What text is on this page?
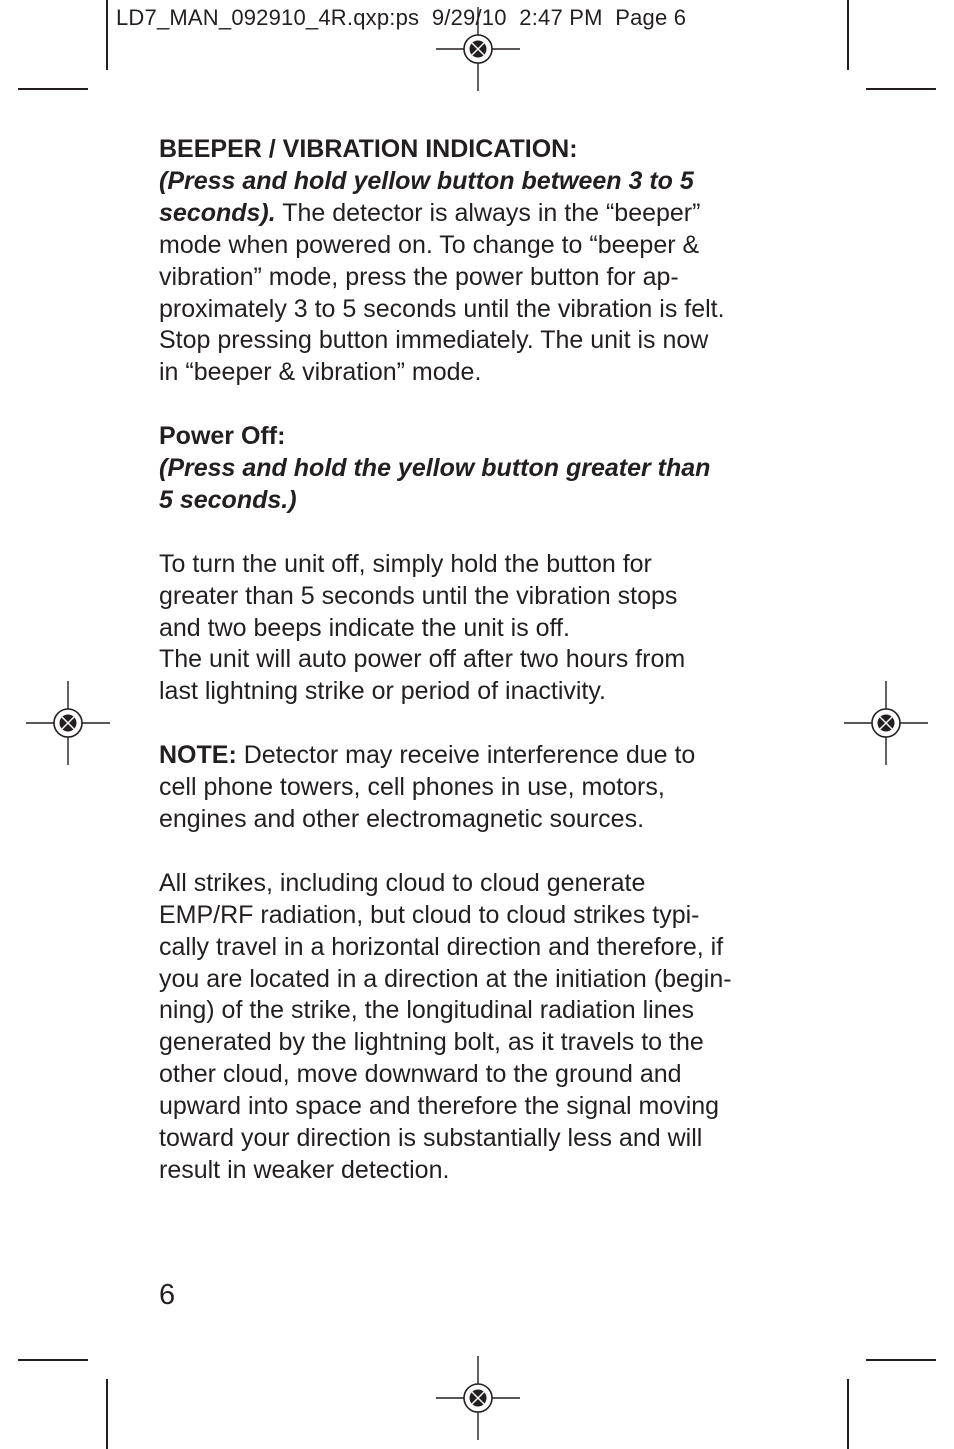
LD7_MAN_092910_4R.qxp:ps  9/29/10  2:47 PM  Page 6

BEEPER / VIBRATION INDICATION:

(Press and hold yellow button between 3 to 5

seconds). The detector is always in the “beeper”

mode when powered on. To change to “beeper &

vibration” mode, press the power button for ap-

proximately 3 to 5 seconds until the vibration is felt.

Stop pressing button immediately. The unit is now

in “beeper & vibration” mode.

Power Off:

(Press and hold the yellow button greater than

5 seconds.)

To turn the unit off, simply hold the button for

greater than 5 seconds until the vibration stops

and two beeps indicate the unit is off.

The unit will auto power off after two hours from

last lightning strike or period of inactivity.

NOTE: Detector may receive interference due to

cell phone towers, cell phones in use, motors,

engines and other electromagnetic sources.

All strikes, including cloud to cloud generate

EMP/RF radiation, but cloud to cloud strikes typi-

cally travel in a horizontal direction and therefore, if

you are located in a direction at the initiation (begin-

ning) of the strike, the longitudinal radiation lines

generated by the lightning bolt, as it travels to the

other cloud, move downward to the ground and

upward into space and therefore the signal moving

toward your direction is substantially less and will

result in weaker detection.

6
